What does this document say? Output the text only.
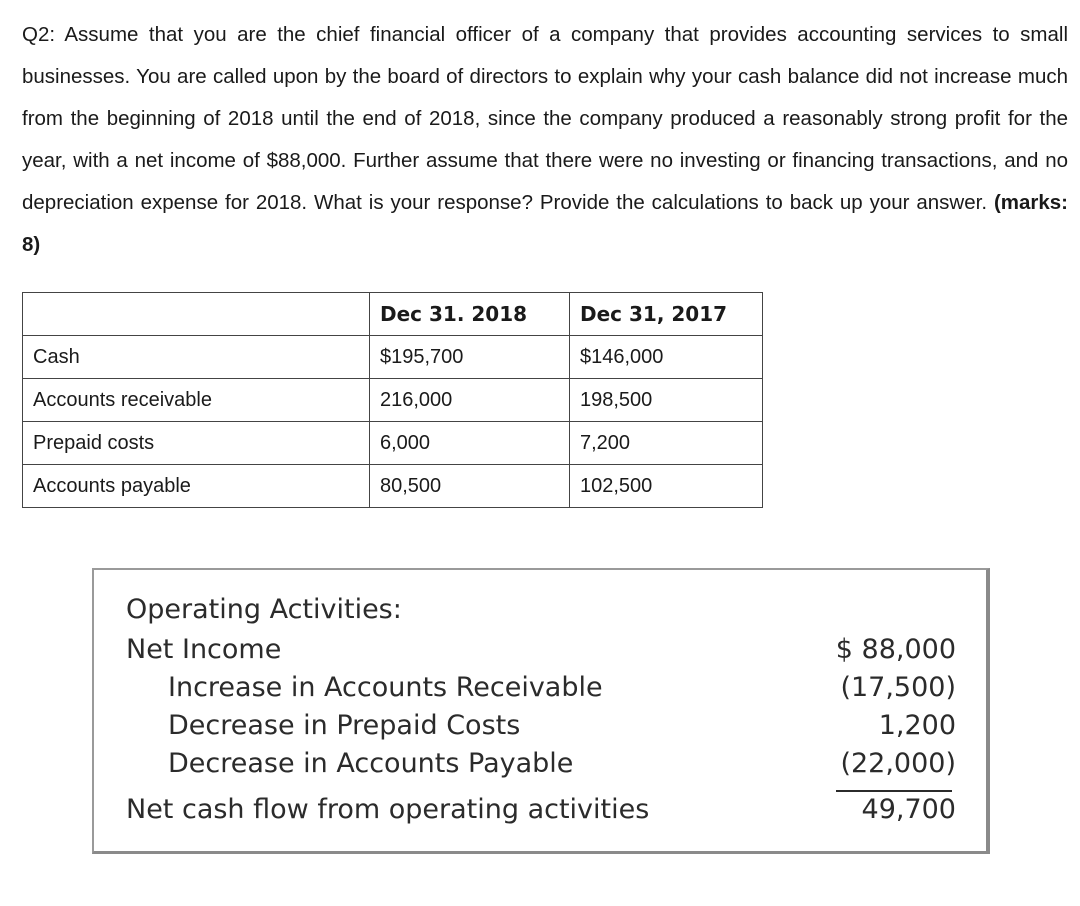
Q2: Assume that you are the chief financial officer of a company that provides accounting services to small businesses. You are called upon by the board of directors to explain why your cash balance did not increase much from the beginning of 2018 until the end of 2018, since the company produced a reasonably strong profit for the year, with a net income of $88,000. Further assume that there were no investing or financing transactions, and no depreciation expense for 2018. What is your response? Provide the calculations to back up your answer. (marks: 8)
	Dec 31. 2018	Dec 31, 2017
Cash	$195,700	$146,000
Accounts receivable	216,000	198,500
Prepaid costs	6,000	7,200
Accounts payable	80,500	102,500
Operating Activities:
Net Income	$ 88,000
Increase in Accounts Receivable	(17,500)
Decrease in Prepaid Costs	1,200
Decrease in Accounts Payable	(22,000)
Net cash flow from operating activities	49,700
